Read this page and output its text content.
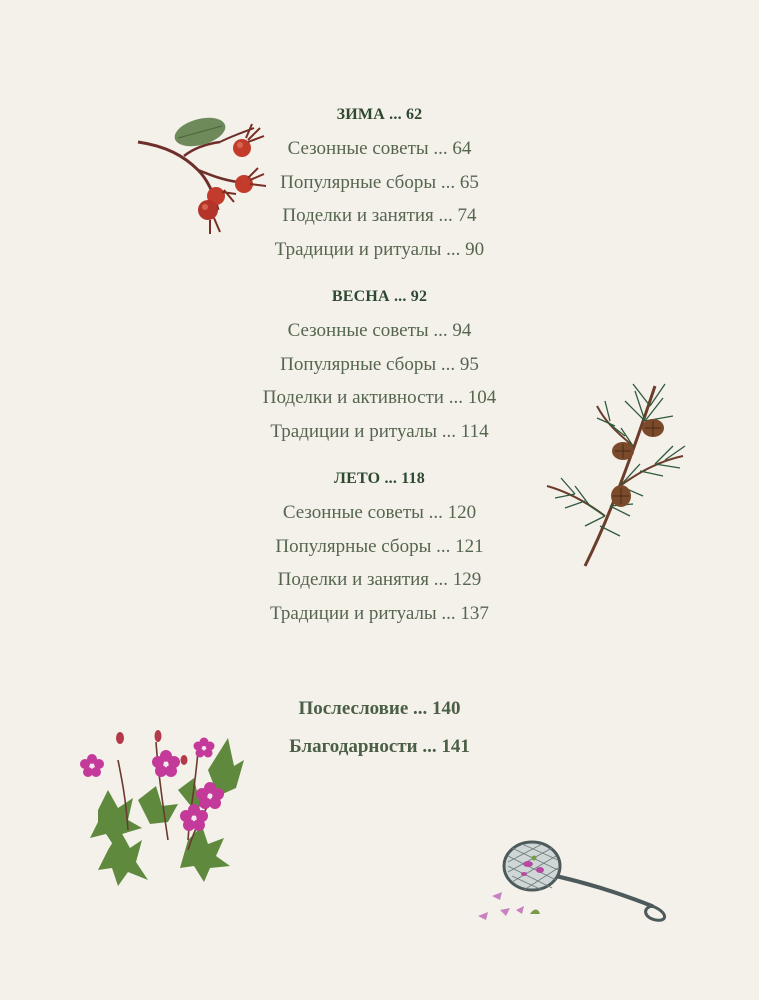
ЗИМА ... 62
Сезонные советы ... 64
Популярные сборы ... 65
Поделки и занятия ... 74
Традиции и ритуалы ... 90
ВЕСНА ... 92
Сезонные советы ... 94
Популярные сборы ... 95
Поделки и активности ... 104
Традиции и ритуалы ... 114
ЛЕТО ... 118
Сезонные советы ... 120
Популярные сборы ... 121
Поделки и занятия ... 129
Традиции и ритуалы ... 137
Послесловие ... 140
Благодарности ... 141
